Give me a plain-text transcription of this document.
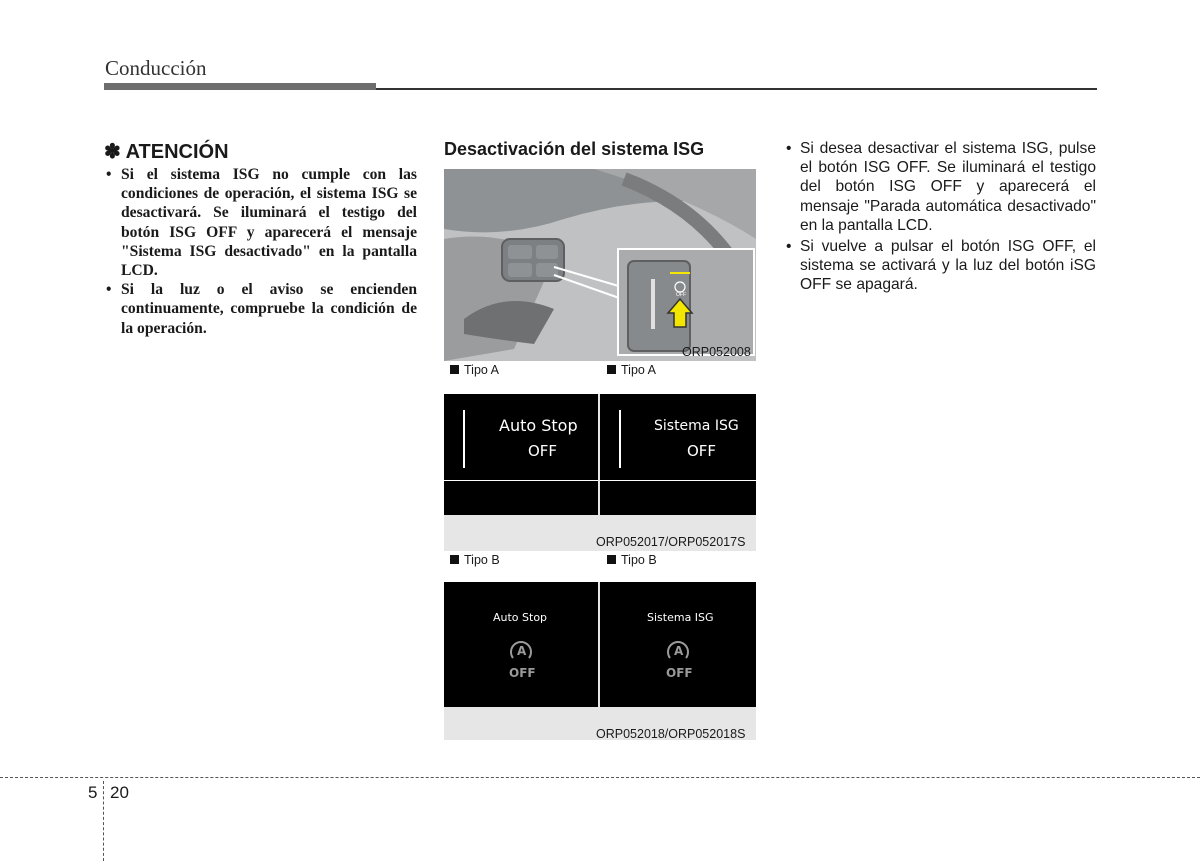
Conducción
✽ ATENCIÓN
• Si el sistema ISG no cumple con las condiciones de operación, el sistema ISG se desactivará. Se iluminará el testigo del botón ISG OFF y aparecerá el mensaje "Sistema ISG desactivado" en la pantalla LCD.
• Si la luz o el aviso se encienden continuamente, compruebe la condición de la operación.
Desactivación del sistema ISG
OFF
ORP052008
Tipo A	Tipo A
Auto Stop
OFF
Sistema ISG
OFF
ORP052017/ORP052017S
Tipo B	Tipo B
Auto Stop
A
OFF
Sistema ISG
A
OFF
ORP052018/ORP052018S
• Si desea desactivar el sistema ISG, pulse el botón ISG OFF. Se iluminará el testigo del botón ISG OFF y aparecerá el mensaje "Parada automática desactivado" en la pantalla LCD.
• Si vuelve a pulsar el botón ISG OFF, el sistema se activará y la luz del botón iSG OFF se apagará.
5 20
